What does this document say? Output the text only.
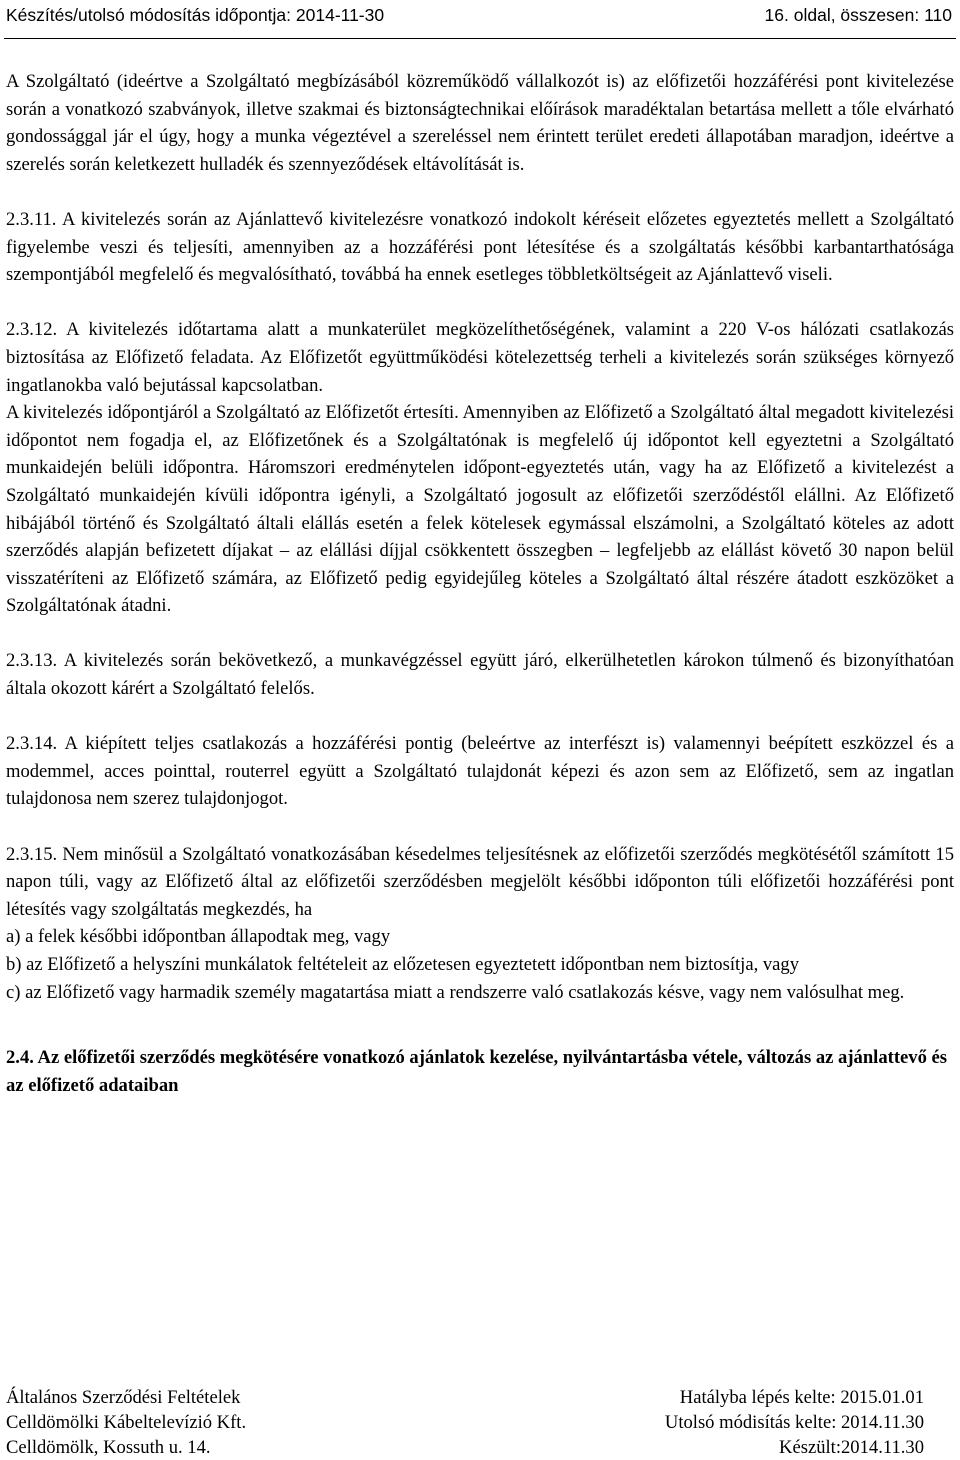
Készítés/utolsó módosítás időpontja: 2014-11-30	16. oldal, összesen: 110

A Szolgáltató (ideértve a Szolgáltató megbízásából közreműködő vállalkozót is) az előfizetői hozzáférési pont kivitelezése során a vonatkozó szabványok, illetve szakmai és biztonságtechnikai előírások maradéktalan betartása mellett a tőle elvárható gondossággal jár el úgy, hogy a munka végeztével a szereléssel nem érintett terület eredeti állapotában maradjon, ideértve a szerelés során keletkezett hulladék és szennyeződések eltávolítását is.

2.3.11. A kivitelezés során az Ajánlattevő kivitelezésre vonatkozó indokolt kéréseit előzetes egyeztetés mellett a Szolgáltató figyelembe veszi és teljesíti, amennyiben az a hozzáférési pont létesítése és a szolgáltatás későbbi karbantarthatósága szempontjából megfelelő és megvalósítható, továbbá ha ennek esetleges többletköltségeit az Ajánlattevő viseli.

2.3.12. A kivitelezés időtartama alatt a munkaterület megközelíthetőségének, valamint a 220 V-os hálózati csatlakozás biztosítása az Előfizető feladata. Az Előfizetőt együttműködési kötelezettség terheli a kivitelezés során szükséges környező ingatlanokba való bejutással kapcsolatban.

A kivitelezés időpontjáról a Szolgáltató az Előfizetőt értesíti. Amennyiben az Előfizető a Szolgáltató által megadott kivitelezési időpontot nem fogadja el, az Előfizetőnek és a Szolgáltatónak is megfelelő új időpontot kell egyeztetni a Szolgáltató munkaidején belüli időpontra. Háromszori eredménytelen időpont-egyeztetés után, vagy ha az Előfizető a kivitelezést a Szolgáltató munkaidején kívüli időpontra igényli, a Szolgáltató jogosult az előfizetői szerződéstől elállni. Az Előfizető hibájából történő és Szolgáltató általi elállás esetén a felek kötelesek egymással elszámolni, a Szolgáltató köteles az adott szerződés alapján befizetett díjakat – az elállási díjjal csökkentett összegben – legfeljebb az elállást követő 30 napon belül visszatéríteni az Előfizető számára, az Előfizető pedig egyidejűleg köteles a Szolgáltató által részére átadott eszközöket a Szolgáltatónak átadni.

2.3.13. A kivitelezés során bekövetkező, a munkavégzéssel együtt járó, elkerülhetetlen károkon túlmenő és bizonyíthatóan általa okozott kárért a Szolgáltató felelős.

2.3.14. A kiépített teljes csatlakozás a hozzáférési pontig (beleértve az interfészt is) valamennyi beépített eszközzel és a modemmel, acces pointtal, routerrel együtt a Szolgáltató tulajdonát képezi és azon sem az Előfizető, sem az ingatlan tulajdonosa nem szerez tulajdonjogot.

2.3.15. Nem minősül a Szolgáltató vonatkozásában késedelmes teljesítésnek az előfizetői szerződés megkötésétől számított 15 napon túli, vagy az Előfizető által az előfizetői szerződésben megjelölt későbbi időponton túli előfizetői hozzáférési pont létesítés vagy szolgáltatás megkezdés, ha

a) a felek későbbi időpontban állapodtak meg, vagy

b) az Előfizető a helyszíni munkálatok feltételeit az előzetesen egyeztetett időpontban nem biztosítja, vagy

c) az Előfizető vagy harmadik személy magatartása miatt a rendszerre való csatlakozás késve, vagy nem valósulhat meg.

2.4. Az előfizetői szerződés megkötésére vonatkozó ajánlatok kezelése, nyilvántartásba vétele, változás az ajánlattevő és az előfizető adataiban

Általános Szerződési Feltételek	Hatályba lépés kelte: 2015.01.01
Celldömölki Kábeltelevízió Kft.	Utolsó módisítás kelte: 2014.11.30
Celldömölk, Kossuth u. 14.	Készült:2014.11.30
